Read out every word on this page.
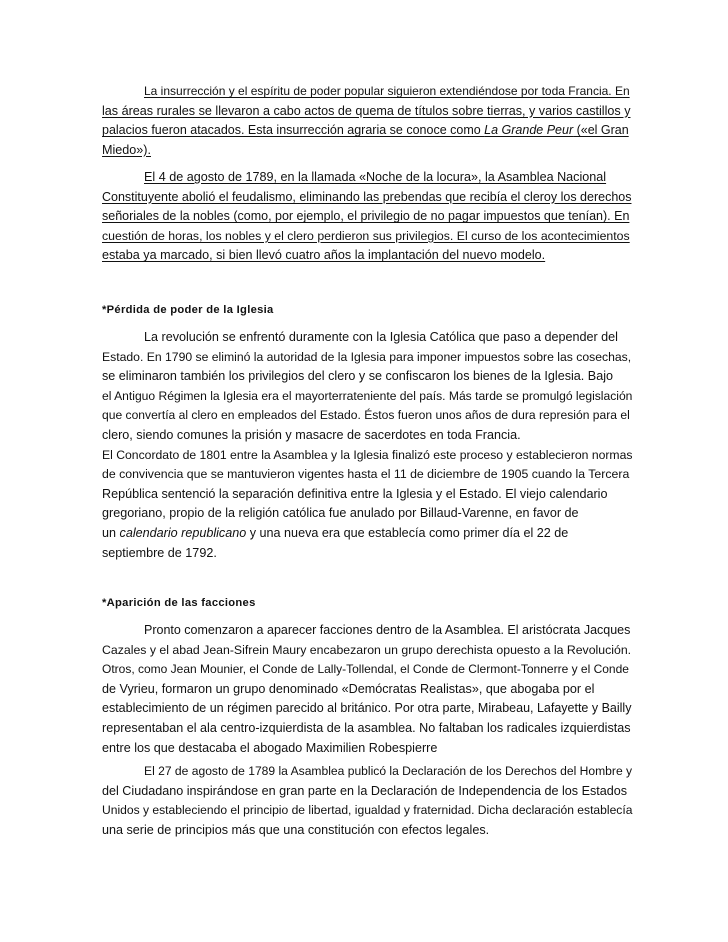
La insurrección y el espíritu de poder popular siguieron extendiéndose por toda Francia. En
las áreas rurales se llevaron a cabo actos de quema de títulos sobre tierras, y varios castillos y
palacios fueron atacados. Esta insurrección agraria se conoce como La Grande Peur («el Gran
Miedo»).

El 4 de agosto de 1789, en la llamada «Noche de la locura», la Asamblea Nacional
Constituyente abolió el feudalismo, eliminando las prebendas que recibía el cleroy los derechos
señoriales de la nobles (como, por ejemplo, el privilegio de no pagar impuestos que tenían). En
cuestión de horas, los nobles y el clero perdieron sus privilegios. El curso de los acontecimientos
estaba ya marcado, si bien llevó cuatro años la implantación del nuevo modelo.

*Pérdida de poder de la Iglesia

La revolución se enfrentó duramente con la Iglesia Católica que paso a depender del
Estado. En 1790 se eliminó la autoridad de la Iglesia para imponer impuestos sobre las cosechas,
se eliminaron también los privilegios del clero y se confiscaron los bienes de la Iglesia. Bajo
el Antiguo Régimen la Iglesia era el mayorterrateniente del país. Más tarde se promulgó legislación
que convertía al clero en empleados del Estado. Éstos fueron unos años de dura represión para el
clero, siendo comunes la prisión y masacre de sacerdotes en toda Francia.
El Concordato de 1801 entre la Asamblea y la Iglesia finalizó este proceso y establecieron normas
de convivencia que se mantuvieron vigentes hasta el 11 de diciembre de 1905 cuando la Tercera
República sentenció la separación definitiva entre la Iglesia y el Estado. El viejo calendario
gregoriano, propio de la religión católica fue anulado por Billaud-Varenne, en favor de
un calendario republicano y una nueva era que establecía como primer día el 22 de
septiembre de 1792.

*Aparición de las facciones

Pronto comenzaron a aparecer facciones dentro de la Asamblea. El aristócrata Jacques
Cazales y el abad Jean-Sifrein Maury encabezaron un grupo derechista opuesto a la Revolución.
Otros, como Jean Mounier, el Conde de Lally-Tollendal, el Conde de Clermont-Tonnerre y el Conde
de Vyrieu, formaron un grupo denominado «Demócratas Realistas», que abogaba por el
establecimiento de un régimen parecido al británico. Por otra parte, Mirabeau, Lafayette y Bailly
representaban el ala centro-izquierdista de la asamblea. No faltaban los radicales izquierdistas
entre los que destacaba el abogado Maximilien Robespierre

El 27 de agosto de 1789 la Asamblea publicó la Declaración de los Derechos del Hombre y
del Ciudadano inspirándose en gran parte en la Declaración de Independencia de los Estados
Unidos y estableciendo el principio de libertad, igualdad y fraternidad. Dicha declaración establecía
una serie de principios más que una constitución con efectos legales.
